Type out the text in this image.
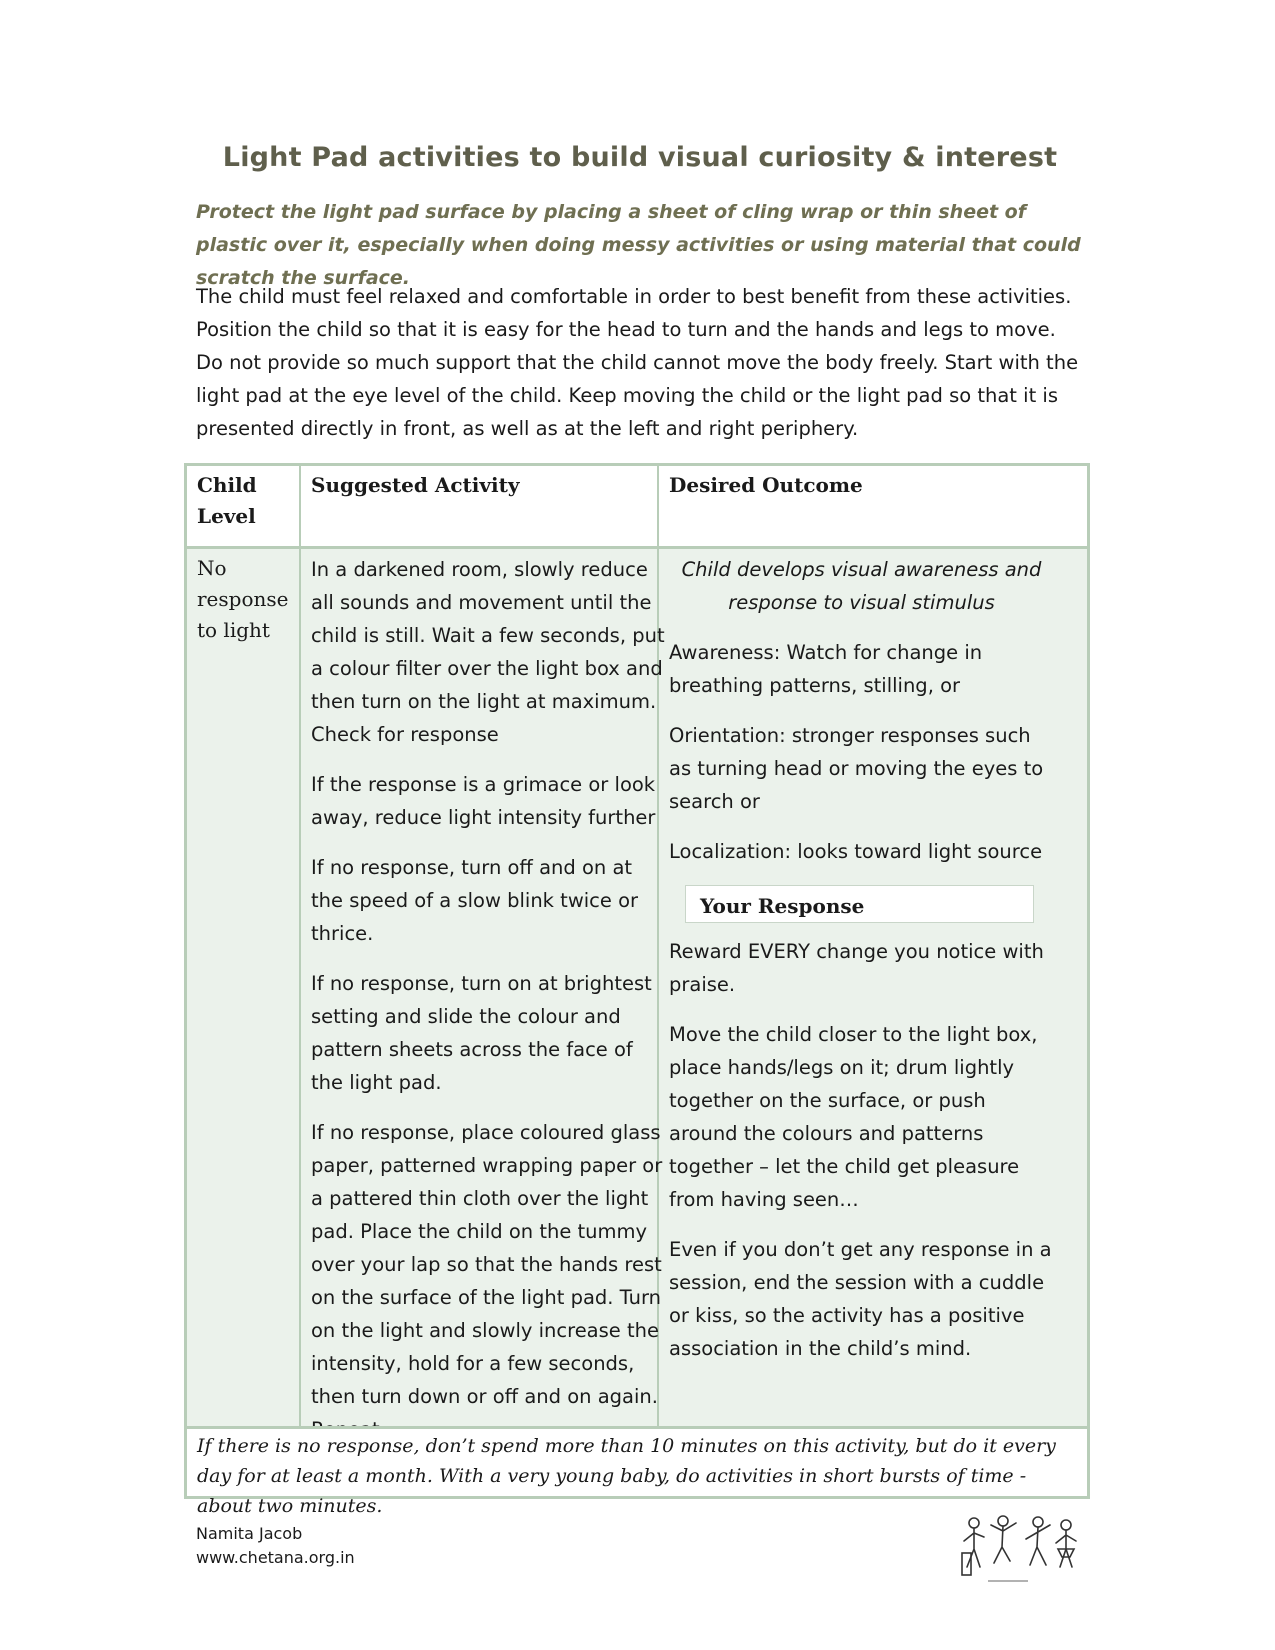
Light Pad activities to build visual curiosity & interest
Protect the light pad surface by placing a sheet of cling wrap or thin sheet of plastic over it, especially when doing messy activities or using material that could scratch the surface.
The child must feel relaxed and comfortable in order to best benefit from these activities. Position the child so that it is easy for the head to turn and the hands and legs to move. Do not provide so much support that the child cannot move the body freely. Start with the light pad at the eye level of the child. Keep moving the child or the light pad so that it is presented directly in front, as well as at the left and right periphery.
Child Level
Suggested Activity	Desired Outcome
No response to light

In a darkened room, slowly reduce all sounds and movement until the child is still. Wait a few seconds, put a colour filter over the light box and then turn on the light at maximum. Check for response

If the response is a grimace or look away, reduce light intensity further

If no response, turn off and on at the speed of a slow blink twice or thrice.

If no response, turn on at brightest setting and slide the colour and pattern sheets across the face of the light pad.

If no response, place coloured glass paper, patterned wrapping paper or a pattered thin cloth over the light pad. Place the child on the tummy over your lap so that the hands rest on the surface of the light pad. Turn on the light and slowly increase the intensity, hold for a few seconds, then turn down or off and on again.

Child develops visual awareness and response to visual stimulus

Awareness: Watch for change in breathing patterns, stilling, or

Orientation: stronger responses such as turning head or moving the eyes to search or

Localization: looks toward light source

Your Response

Reward EVERY change you notice with praise.

Move the child closer to the light box, place hands/legs on it; drum lightly together on the surface, or push around the colours and patterns together – let the child get pleasure from having seen…

Even if you don’t get any response in a session, end the session with a cuddle or kiss, so the activity has a positive association in the child’s mind.

If there is no response, don’t spend more than 10 minutes on this activity, but do it every day for at least a month. With a very young baby, do activities in short bursts of time - about two minutes.
Namita Jacob
www.chetana.org.in
